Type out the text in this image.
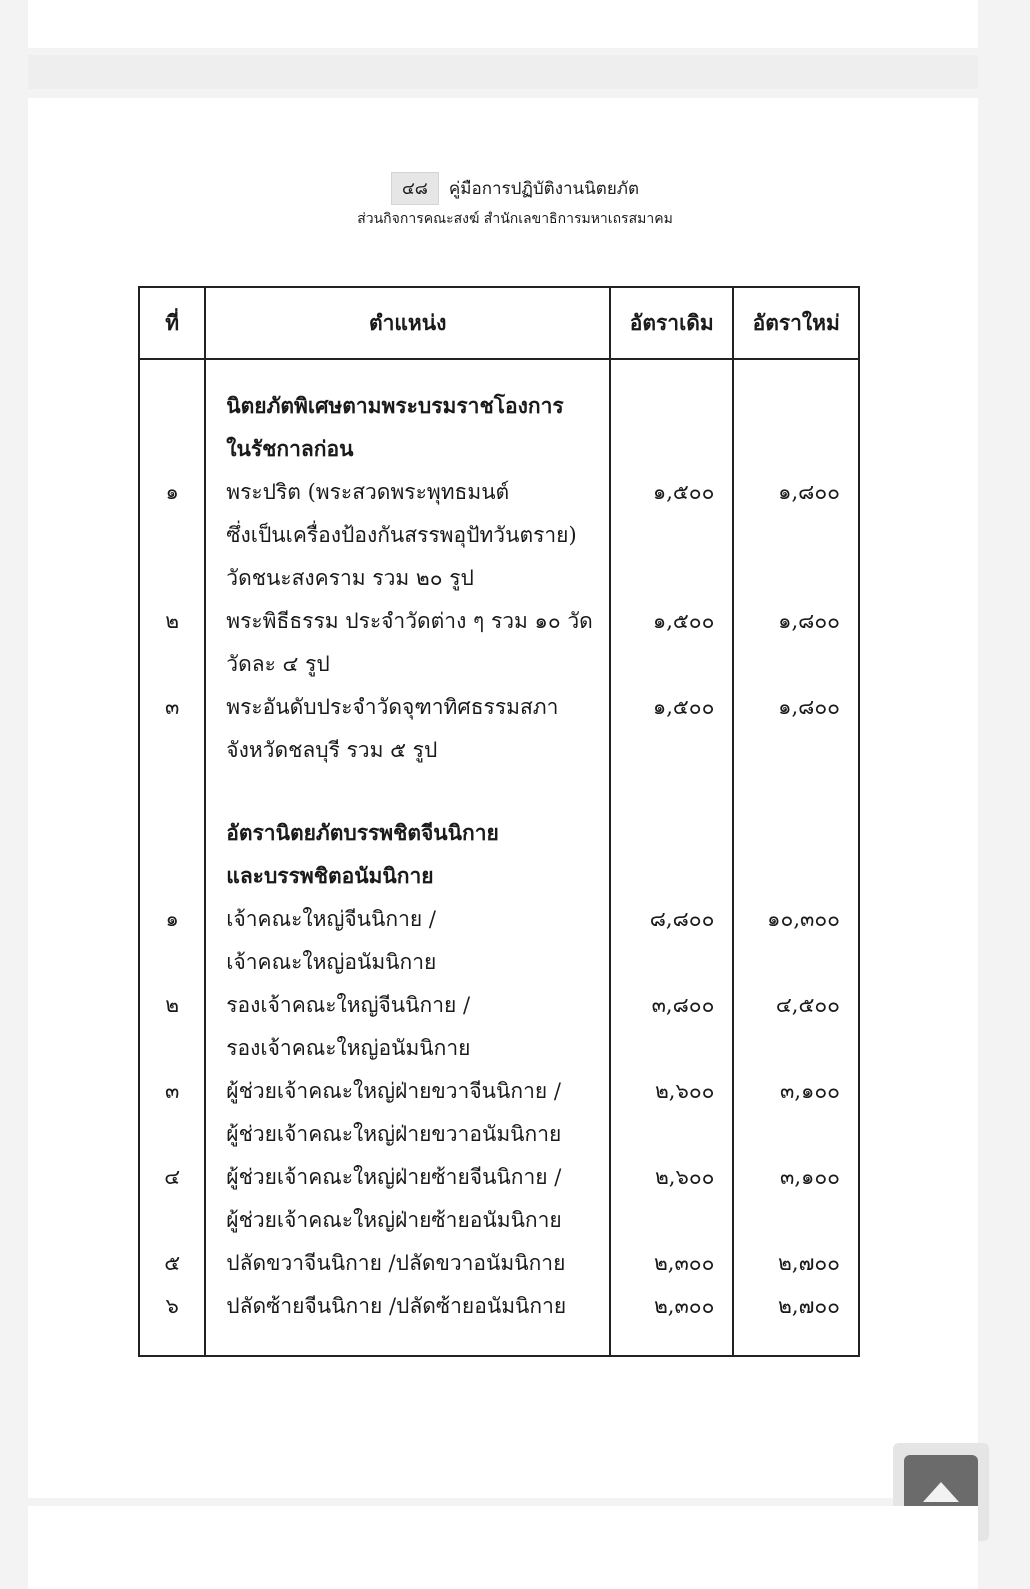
๔๘ คู่มือการปฏิบัติงานนิตยภัต
ส่วนกิจการคณะสงฆ์ สำนักเลขาธิการมหาเถรสมาคม
ที่	ตำแหน่ง	อัตราเดิม	อัตราใหม่

	นิตยภัตพิเศษตามพระบรมราชโองการ		
	ในรัชกาลก่อน		
๑	พระปริต (พระสวดพระพุทธมนต์	๑,๕๐๐	๑,๘๐๐
	ซึ่งเป็นเครื่องป้องกันสรรพอุปัทวันตราย)		
	วัดชนะสงคราม รวม ๒๐ รูป		
๒	พระพิธีธรรม ประจำวัดต่าง ๆ รวม ๑๐ วัด	๑,๕๐๐	๑,๘๐๐
	วัดละ ๔ รูป		
๓	พระอันดับประจำวัดจุฑาทิศธรรมสภา	๑,๕๐๐	๑,๘๐๐
	จังหวัดชลบุรี รวม ๕ รูป		

	อัตรานิตยภัตบรรพชิตจีนนิกาย		
	และบรรพชิตอนัมนิกาย		
๑	เจ้าคณะใหญ่จีนนิกาย /	๘,๘๐๐	๑๐,๓๐๐
	เจ้าคณะใหญ่อนัมนิกาย		
๒	รองเจ้าคณะใหญ่จีนนิกาย /	๓,๘๐๐	๔,๕๐๐
	รองเจ้าคณะใหญ่อนัมนิกาย		
๓	ผู้ช่วยเจ้าคณะใหญ่ฝ่ายขวาจีนนิกาย /	๒,๖๐๐	๓,๑๐๐
	ผู้ช่วยเจ้าคณะใหญ่ฝ่ายขวาอนัมนิกาย		
๔	ผู้ช่วยเจ้าคณะใหญ่ฝ่ายซ้ายจีนนิกาย /	๒,๖๐๐	๓,๑๐๐
	ผู้ช่วยเจ้าคณะใหญ่ฝ่ายซ้ายอนัมนิกาย		
๕	ปลัดขวาจีนนิกาย /ปลัดขวาอนัมนิกาย	๒,๓๐๐	๒,๗๐๐
๖	ปลัดซ้ายจีนนิกาย /ปลัดซ้ายอนัมนิกาย	๒,๓๐๐	๒,๗๐๐
